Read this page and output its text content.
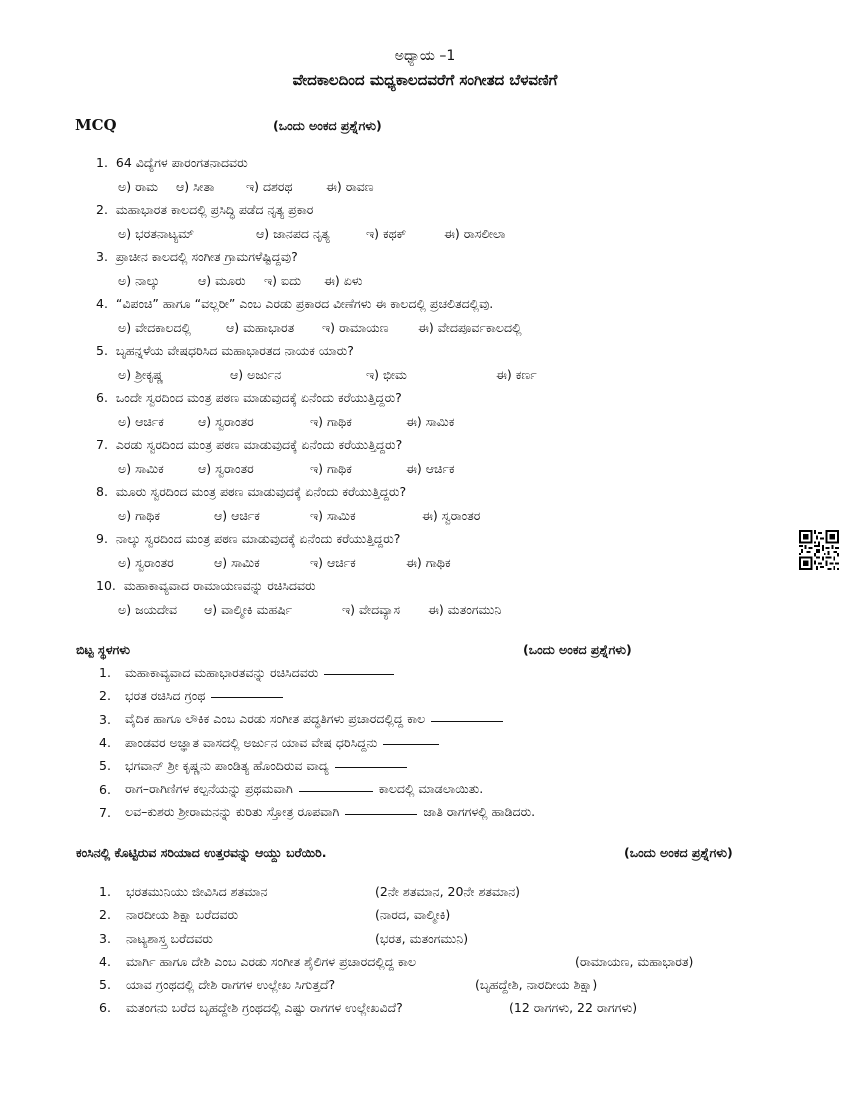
ಅಧ್ಯಾಯ –1
ವೇದಕಾಲದಿಂದ ಮಧ್ಯಕಾಲದವರೆಗೆ ಸಂಗೀತದ ಬೆಳವಣಿಗೆ
MCQ	(ಒಂದು ಅಂಕದ ಪ್ರಶ್ನೆಗಳು)
1. 64 ವಿದ್ಯೆಗಳ ಪಾರಂಗತನಾದವರು
ಅ) ರಾಮ	ಆ) ಸೀತಾ	ಇ) ದಶರಥ	ಈ) ರಾವಣ
2. ಮಹಾಭಾರತ ಕಾಲದಲ್ಲಿ ಪ್ರಸಿದ್ಧಿ ಪಡೆದ ನೃತ್ಯ ಪ್ರಕಾರ
ಅ) ಭರತನಾಟ್ಯಮ್	ಆ) ಜಾನಪದ ನೃತ್ಯ	ಇ) ಕಥಕ್	ಈ) ರಾಸಲೀಲಾ
3. ಪ್ರಾಚೀನ ಕಾಲದಲ್ಲಿ ಸಂಗೀತ ಗ್ರಾಮಗಳೆಷ್ಟಿದ್ದವು?
ಅ) ನಾಲ್ಕು	ಆ) ಮೂರು	ಇ) ಐದು	ಈ) ಏಳು
4. “ವಿಪಂಚಿ” ಹಾಗೂ “ವಲ್ಲರೀ” ಎಂಬ ಎರಡು ಪ್ರಕಾರದ ವೀಣೆಗಳು ಈ ಕಾಲದಲ್ಲಿ ಪ್ರಚಲಿತದಲ್ಲಿವು.
ಅ) ವೇದಕಾಲದಲ್ಲಿ	ಆ) ಮಹಾಭಾರತ	ಇ) ರಾಮಾಯಣ	ಈ) ವೇದಪೂರ್ವಕಾಲದಲ್ಲಿ
5. ಬೃಹನ್ನಳೆಯ ವೇಷಧರಿಸಿದ ಮಹಾಭಾರತದ ನಾಯಕ ಯಾರು?
ಅ) ಶ್ರೀಕೃಷ್ಣ	ಆ) ಅರ್ಜುನ	ಇ) ಭೀಮ	ಈ) ಕರ್ಣ
6. ಒಂದೇ ಸ್ವರದಿಂದ ಮಂತ್ರ ಪಠಣ ಮಾಡುವುದಕ್ಕೆ ಏನೆಂದು ಕರೆಯುತ್ತಿದ್ದರು?
ಅ) ಆರ್ಚಿಕ	ಆ) ಸ್ವರಾಂತರ	ಇ) ಗಾಥಿಕ	ಈ) ಸಾಮಿಕ
7. ಎರಡು ಸ್ವರದಿಂದ ಮಂತ್ರ ಪಠಣ ಮಾಡುವುದಕ್ಕೆ ಏನೆಂದು ಕರೆಯುತ್ತಿದ್ದರು?
ಅ) ಸಾಮಿಕ	ಆ) ಸ್ವರಾಂತರ	ಇ) ಗಾಥಿಕ	ಈ) ಆರ್ಚಿಕ
8. ಮೂರು ಸ್ವರದಿಂದ ಮಂತ್ರ ಪಠಣ ಮಾಡುವುದಕ್ಕೆ ಏನೆಂದು ಕರೆಯುತ್ತಿದ್ದರು?
ಅ) ಗಾಥಿಕ	ಆ) ಆರ್ಚಿಕ	ಇ) ಸಾಮಿಕ	ಈ) ಸ್ವರಾಂತರ
9. ನಾಲ್ಕು ಸ್ವರದಿಂದ ಮಂತ್ರ ಪಠಣ ಮಾಡುವುದಕ್ಕೆ ಏನೆಂದು ಕರೆಯುತ್ತಿದ್ದರು?
ಅ) ಸ್ವರಾಂತರ	ಆ) ಸಾಮಿಕ	ಇ) ಆರ್ಚಿಕ	ಈ) ಗಾಥಿಕ
10. ಮಹಾಕಾವ್ಯವಾದ ರಾಮಾಯಣವನ್ನು ರಚಿಸಿದವರು
ಅ) ಜಯದೇವ	ಆ) ವಾಲ್ಮೀಕಿ ಮಹರ್ಷಿ	ಇ) ವೇದವ್ಯಾಸ	ಈ) ಮತಂಗಮುನಿ
ಬಿಟ್ಟ ಸ್ಥಳಗಳು	(ಒಂದು ಅಂಕದ ಪ್ರಶ್ನೆಗಳು)
1.	ಮಹಾಕಾವ್ಯವಾದ ಮಹಾಭಾರತವನ್ನು ರಚಿಸಿದವರು
2.	ಭರತ ರಚಿಸಿದ ಗ್ರಂಥ
3.	ವೈದಿಕ ಹಾಗೂ ಲೌಕಿಕ ಎಂಬ ಎರಡು ಸಂಗೀತ ಪದ್ಧತಿಗಳು ಪ್ರಚಾರದಲ್ಲಿದ್ದ ಕಾಲ
4.	ಪಾಂಡವರ ಅಜ್ಞಾತ ವಾಸದಲ್ಲಿ ಅರ್ಜುನ ಯಾವ ವೇಷ ಧರಿಸಿದ್ದನು
5.	ಭಗವಾನ್ ಶ್ರೀ ಕೃಷ್ಣನು ಪಾಂಡಿತ್ಯ ಹೊಂದಿರುವ ವಾದ್ಯ
6.	ರಾಗ–ರಾಗಿಣಿಗಳ ಕಲ್ಪನೆಯನ್ನು ಪ್ರಥಮವಾಗಿ	ಕಾಲದಲ್ಲಿ ಮಾಡಲಾಯಿತು.
7.	ಲವ–ಕುಶರು ಶ್ರೀರಾಮನನ್ನು ಕುರಿತು ಸ್ತೋತ್ರ ರೂಪವಾಗಿ	ಜಾತಿ ರಾಗಗಳಲ್ಲಿ ಹಾಡಿದರು.
ಕಂಸಿನಲ್ಲಿ ಕೊಟ್ಟಿರುವ ಸರಿಯಾದ ಉತ್ತರವನ್ನು ಆಯ್ದು ಬರೆಯಿರಿ.	(ಒಂದು ಅಂಕದ ಪ್ರಶ್ನೆಗಳು)
1. ಭರತಮುನಿಯು ಜೀವಿಸಿದ ಶತಮಾನ	(2ನೇ ಶತಮಾನ, 20ನೇ ಶತಮಾನ)
2. ನಾರದೀಯ ಶಿಕ್ಷಾ ಬರೆದವರು	(ನಾರದ, ವಾಲ್ಮೀಕಿ)
3. ನಾಟ್ಯಶಾಸ್ತ್ರ ಬರೆದವರು	(ಭರತ, ಮತಂಗಮುನಿ)
4. ಮಾರ್ಗಿ ಹಾಗೂ ದೇಶಿ ಎಂಬ ಎರಡು ಸಂಗೀತ ಶೈಲಿಗಳ ಪ್ರಚಾರದಲ್ಲಿದ್ದ ಕಾಲ	(ರಾಮಾಯಣ, ಮಹಾಭಾರತ)
5. ಯಾವ ಗ್ರಂಥದಲ್ಲಿ ದೇಶಿ ರಾಗಗಳ ಉಲ್ಲೇಖ ಸಿಗುತ್ತದೆ?	(ಬೃಹದ್ದೇಶಿ, ನಾರದೀಯ ಶಿಕ್ಷಾ)
6. ಮತಂಗನು ಬರೆದ ಬೃಹದ್ದೇಶಿ ಗ್ರಂಥದಲ್ಲಿ ಎಷ್ಟು ರಾಗಗಳ ಉಲ್ಲೇಖವಿದೆ?	(12 ರಾಗಗಳು, 22 ರಾಗಗಳು)
